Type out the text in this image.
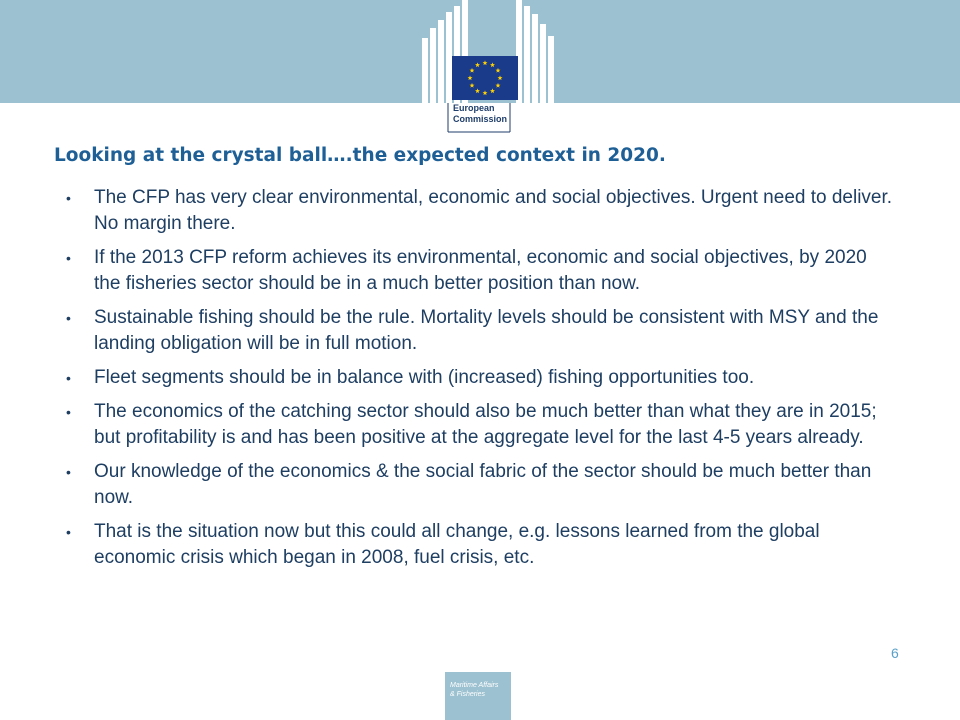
European
Commission
Looking at the crystal ball….the expected context in 2020.
• The CFP has very clear environmental, economic and social objectives. Urgent need to deliver. No margin there.
• If the 2013 CFP reform achieves its environmental, economic and social objectives, by 2020 the fisheries sector should be in a much better position than now.
• Sustainable fishing should be the rule. Mortality levels should be consistent with MSY and the landing obligation will be in full motion.
• Fleet segments should be in balance with (increased) fishing opportunities too.
• The economics of the catching sector should also be much better than what they are in 2015; but profitability is and has been positive at the aggregate level for the last 4-5 years already.
• Our knowledge of the economics & the social fabric of the sector should be much better than now.
• That is the situation now but this could all change, e.g. lessons learned from the global economic crisis which began in 2008, fuel crisis, etc.
6
Maritime Affairs
& Fisheries
